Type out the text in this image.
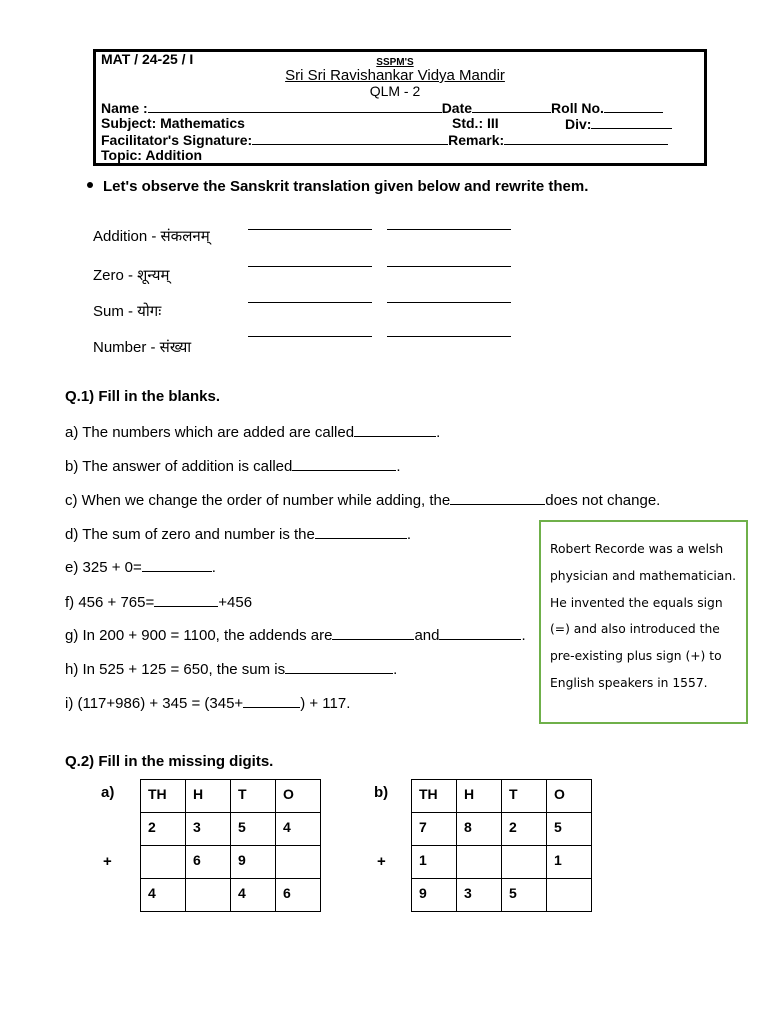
MAT / 24-25 / I	SSPM'S
Sri Sri Ravishankar Vidya Mandir
QLM - 2
Name :	Date	Roll No.
Subject: Mathematics	Std.: III	Div:
Facilitator's Signature:	Remark:
Topic: Addition
Let's observe the Sanskrit translation given below and rewrite them.
Addition - संकलनम्
Zero - शून्यम्
Sum - योगः
Number - संख्या
Q.1) Fill in the blanks.
a) The numbers which are added are called	.
b) The answer of addition is called	.
c) When we change the order of number while adding, the	does not change.
d) The sum of zero and number is the	.
e) 325 + 0=	.
f) 456 + 765=	+456
g) In 200 + 900 = 1100, the addends are	and	.
h) In 525 + 125 = 650, the sum is	.
i) (117+986) + 345 = (345+	) + 117.
Robert Recorde was a welsh physician and mathematician. He invented the equals sign (=) and also introduced the pre-existing plus sign (+) to English speakers in 1557.
Q.2) Fill in the missing digits.
a)
+
TH	H	T	O
2	3	5	4
	6	9	
4		4	6
b)
+
TH	H	T	O
7	8	2	5
1			1
9	3	5	
